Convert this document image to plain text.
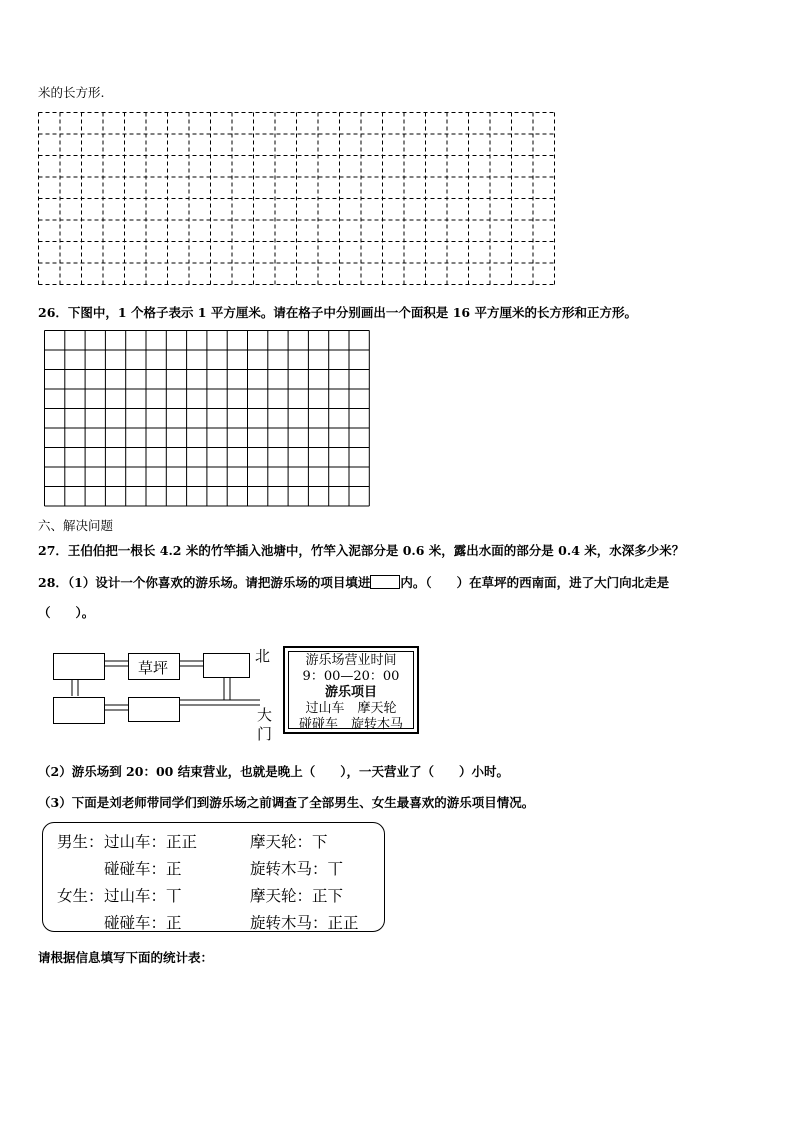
米的长方形.
26．下图中，1 个格子表示 1 平方厘米。请在格子中分别画出一个面积是 16 平方厘米的长方形和正方形。
六、解决问题
27．王伯伯把一根长 4.2 米的竹竿插入池塘中，竹竿入泥部分是 0.6 米，露出水面的部分是 0.4 米，水深多少米？
28．（1）设计一个你喜欢的游乐场。请把游乐场的项目填进 内。（　　）在草坪的西南面，进了大门向北走是
（　　）。
草坪
北
大
门
游乐场营业时间
9：00—20：00
游乐项目
过山车　摩天轮
碰碰车　旋转木马
（2）游乐场到 20：00 结束营业，也就是晚上（　　），一天营业了（　　）小时。
（3）下面是刘老师带同学们到游乐场之前调查了全部男生、女生最喜欢的游乐项目情况。
男生： 过山车：正正	摩天轮：下
碰碰车：正	旋转木马：丅
女生： 过山车：丅	摩天轮：正下
碰碰车：正	旋转木马：正正
请根据信息填写下面的统计表：
